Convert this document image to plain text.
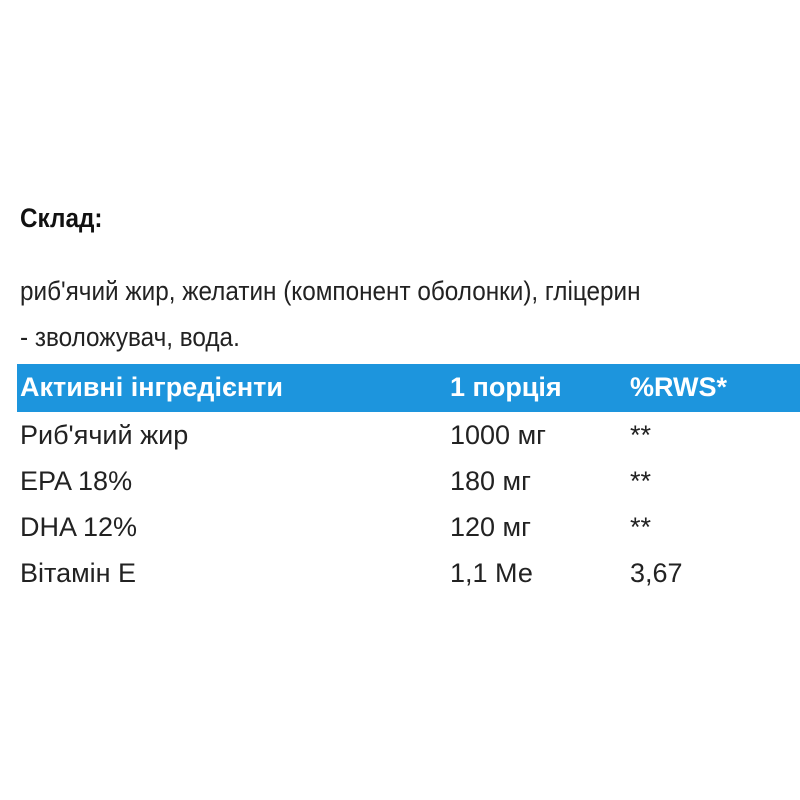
Склад:
риб'ячий жир, желатин (компонент оболонки), гліцерин
- зволожувач, вода.
Активні інгредієнти	1 порція	%RWS*
Риб'ячий жир	1000 мг	**
EPA 18%	180 мг	**
DHA 12%	120 мг	**
Вітамін Е	1,1 Ме	3,67
